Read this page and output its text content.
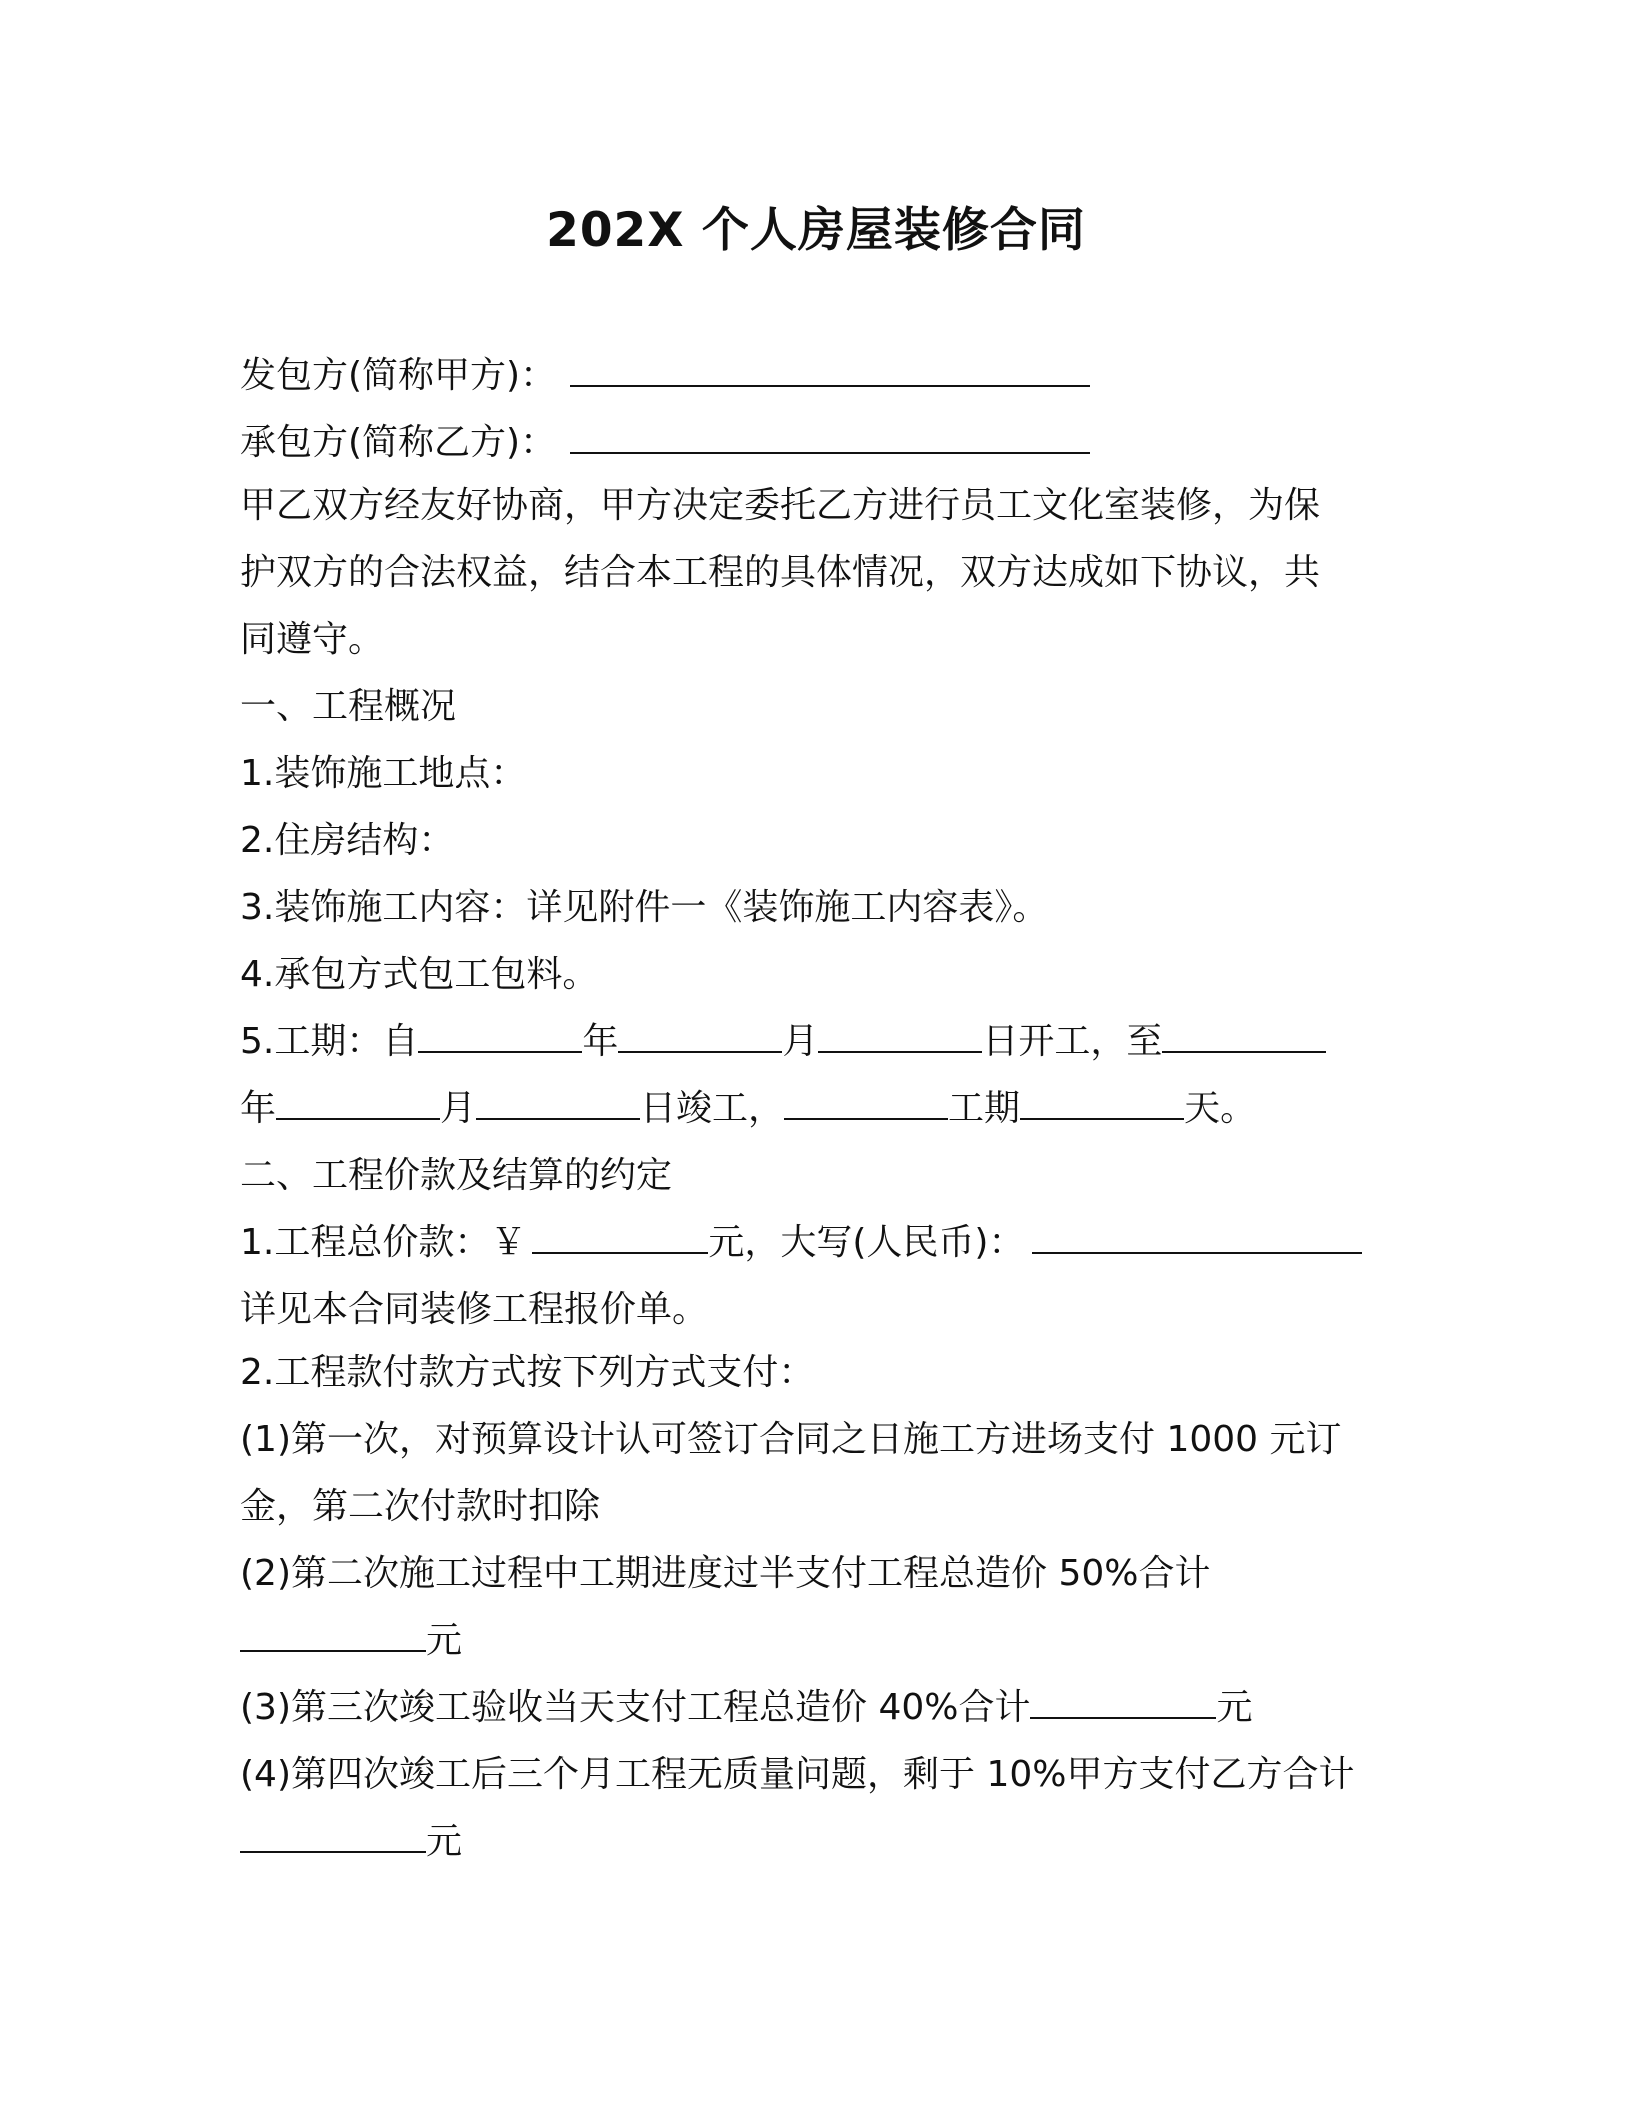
202X 个人房屋装修合同
发包方(简称甲方)：
承包方(简称乙方)：
甲乙双方经友好协商，甲方决定委托乙方进行员工文化室装修，为保
护双方的合法权益，结合本工程的具体情况，双方达成如下协议，共
同遵守。
一、工程概况
1.装饰施工地点：
2.住房结构：
3.装饰施工内容：详见附件一《装饰施工内容表》。
4.承包方式包工包料。
5.工期：自	年	月	日开工，至
年	月	日竣工，	工期	天。
二、工程价款及结算的约定
1.工程总价款：￥	元，大写(人民币)：
详见本合同装修工程报价单。
2.工程款付款方式按下列方式支付：
(1)第一次，对预算设计认可签订合同之日施工方进场支付 1000 元订
金，第二次付款时扣除
(2)第二次施工过程中工期进度过半支付工程总造价 50%合计
元
(3)第三次竣工验收当天支付工程总造价 40%合计	元
(4)第四次竣工后三个月工程无质量问题，剩于 10%甲方支付乙方合计
元
